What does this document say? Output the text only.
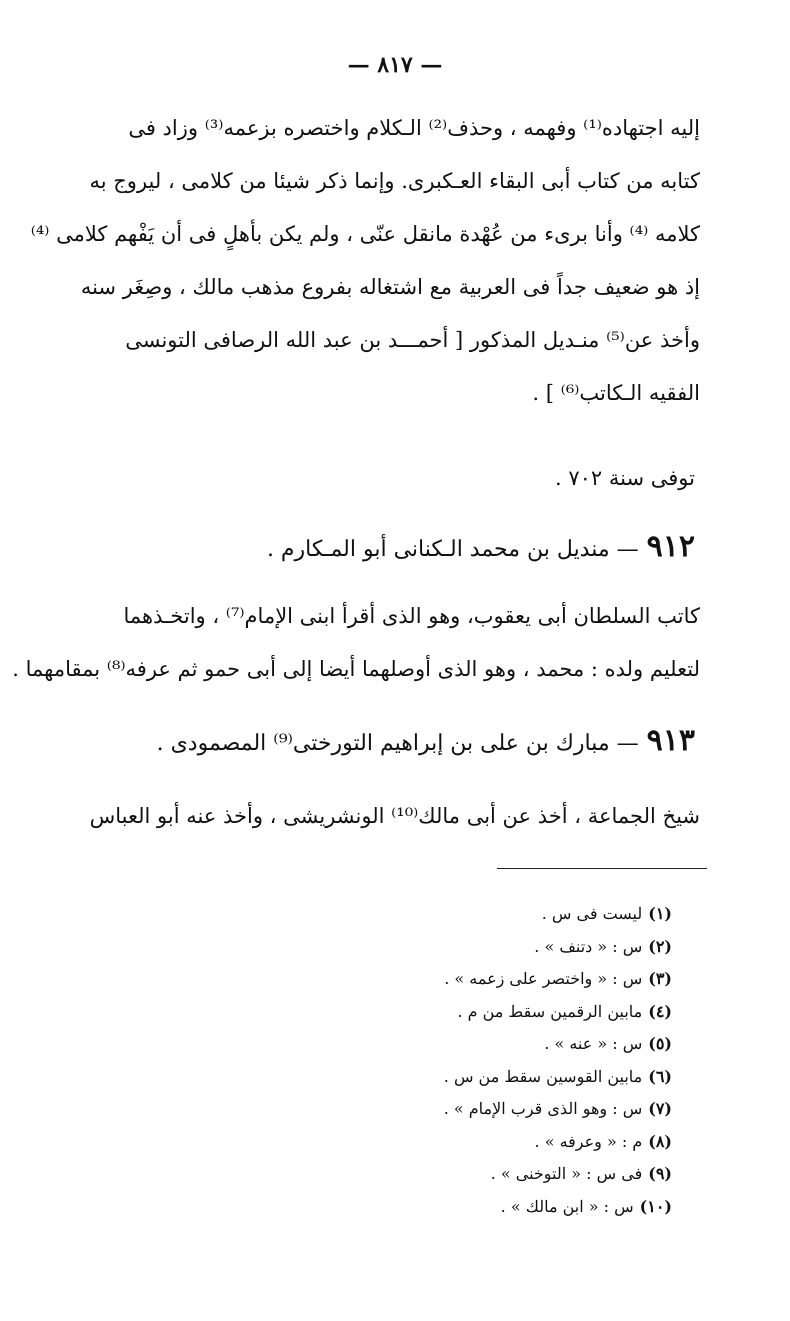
— ٨١٧ —
إليه اجتهاده⁽¹⁾ وفهمه ، وحذف⁽²⁾ الـكلام واختصره بزعمه⁽³⁾ وزاد فى
كتابه من كتاب أبى البقاء العـكبرى. وإنما ذكر شيئا من كلامى ، ليروج به
كلامه ⁽⁴⁾ وأنا برىء من عُهْدة مانقل عنّى ، ولم يكن بأهلٍ فى أن يَفْهم كلامى ⁽⁴⁾
إذ هو ضعيف جداً فى العربية مع اشتغاله بفروع مذهب مالك ، وصِغَر سنه
وأخذ عن⁽⁵⁾ منـديل المذكور [ أحمـــد بن عبد الله الرصافى التونسى
الفقيه الـكاتب⁽⁶⁾ ] .
توفى سنة ٧٠٢ .
٩١٢— منديل بن محمد الـكنانى أبو المـكارم .
كاتب السلطان أبى يعقوب، وهو الذى أقرأ ابنى الإمام⁽⁷⁾ ، واتخـذهما
لتعليم ولده : محمد ، وهو الذى أوصلهما أيضا إلى أبى حمو ثم عرفه⁽⁸⁾ بمقامهما .
٩١٣— مبارك بن على بن إبراهيم التورختى⁽⁹⁾ المصمودى .
شيخ الجماعة ، أخذ عن أبى مالك⁽¹⁰⁾ الونشريشى ، وأخذ عنه أبو العباس
(١)ليست فى س .
(٢)س : « دتنف » .
(٣)س : « واختصر على زعمه » .
(٤)مابين الرقمين سقط من م .
(٥)س : « عنه » .
(٦)مابين القوسين سقط من س .
(٧)س : وهو الذى قرب الإمام » .
(٨)م : « وعرفه » .
(٩)فى س : « التوخنى » .
(١٠)س : « ابن مالك » .
